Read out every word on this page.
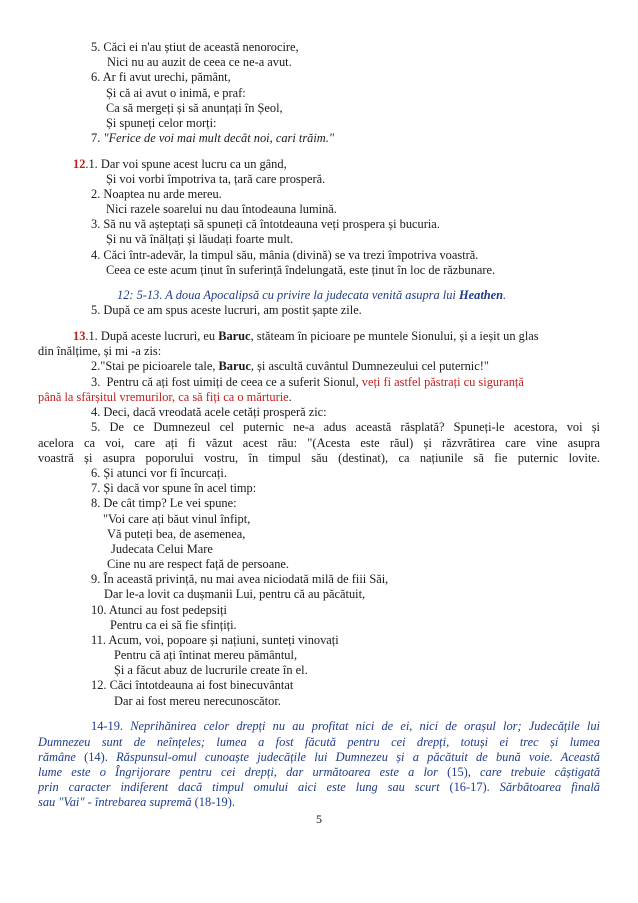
5. Căci ei n'au știut de această nenorocire,
Nici nu au auzit de ceea ce ne-a avut.
6. Ar fi avut urechi, pământ,
Și că ai avut o inimă, e praf:
Ca să mergeți și să anunțați în Șeol,
Și spuneți celor morți:
7. "Ferice de voi mai mult decât noi, cari trăim."
12.1. Dar voi spune acest lucru ca un gând,
Și voi vorbi împotriva ta, țară care prosperă.
2. Noaptea nu arde mereu.
Nici razele soarelui nu dau întodeauna lumină.
3. Să nu vă așteptați să spuneți că întotdeauna veți prospera și bucuria.
Și nu vă înălțați și lăudați foarte mult.
4. Căci într-adevăr, la timpul său, mânia (divină) se va trezi împotriva voastră.
Ceea ce este acum ținut în suferință îndelungată, este ținut în loc de răzbunare.
12: 5-13. A doua Apocalipsă cu privire la judecata venită asupra lui Heathen.
5. După ce am spus aceste lucruri, am postit șapte zile.
13.1. După aceste lucruri, eu Baruc, stăteam în picioare pe muntele Sionului, și a ieșit un glas
din înălțime, și mi -a zis:
2."Stai pe picioarele tale, Baruc, și ascultă cuvântul Dumnezeului cel puternic!"
3.  Pentru că ați fost uimiți de ceea ce a suferit Sionul, veți fi astfel păstrați cu siguranță
până la sfârșitul vremurilor, ca să fiți ca o mărturie.
4. Deci, dacă vreodată acele cetăți prosperă zic:
5. De ce Dumnezeul cel puternic ne-a adus această răsplată? Spuneți-le acestora, voi și
acelora ca voi, care ați fi văzut acest rău: "(Acesta este răul) și răzvrătirea care vine asupra
voastră și asupra poporului vostru, în timpul său (destinat), ca națiunile să fie puternic lovite.
6. Și atunci vor fi încurcați.
7. Și dacă vor spune în acel timp:
8. De cât timp? Le vei spune:
"Voi care ați băut vinul înfipt,
Vă puteți bea, de asemenea,
Judecata Celui Mare
Cine nu are respect față de persoane.
9. În această privință, nu mai avea niciodată milă de fiii Săi,
Dar le-a lovit ca dușmanii Lui, pentru că au păcătuit,
10. Atunci au fost pedepsiți
Pentru ca ei să fie sfințiți.
11. Acum, voi, popoare și națiuni, sunteți vinovați
Pentru că ați întinat mereu pământul,
Și a făcut abuz de lucrurile create în el.
12. Căci întotdeauna ai fost binecuvântat
Dar ai fost mereu nerecunoscător.
14-19. Neprihănirea celor drepți nu au profitat nici de ei, nici de orașul lor; Judecățile lui
Dumnezeu sunt de neînțeles; lumea a fost făcută pentru cei drepți, totuși ei trec și lumea
rămâne (14). Răspunsul-omul cunoaște judecățile lui Dumnezeu și a păcătuit de bună voie. Această
lume este o Îngrijorare pentru cei drepți, dar următoarea este a lor (15), care trebuie câștigată
prin caracter indiferent dacă timpul omului aici este lung sau scurt (16-17). Sărbătoarea finală
sau "Vai" - întrebarea supremă (18-19).
5
